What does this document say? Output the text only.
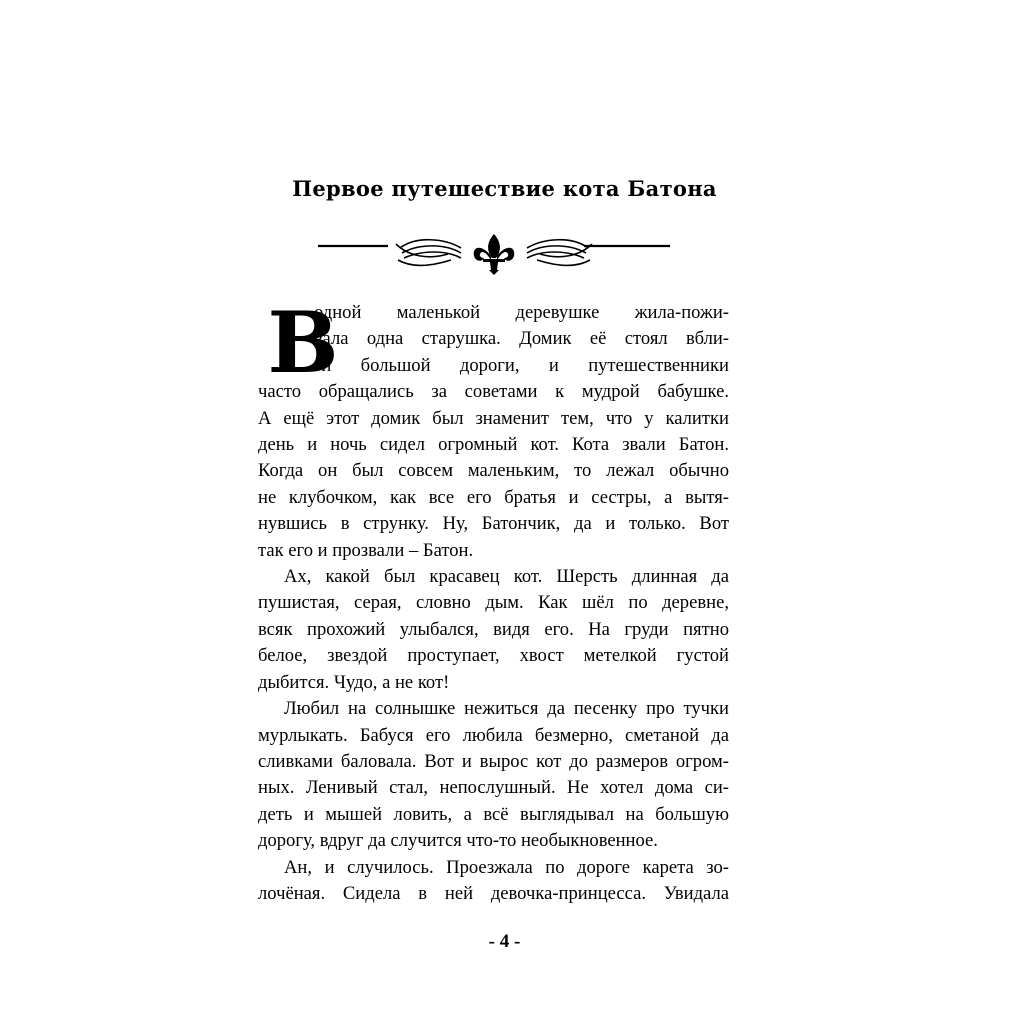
Первое путешествие кота Батона
В

одной маленькой деревушке жила-пожи-
вала одна старушка. Домик её стоял вбли-
зи большой дороги, и путешественники
часто обращались за советами к мудрой бабушке.
А ещё этот домик был знаменит тем, что у калитки
день и ночь сидел огромный кот. Кота звали Батон.
Когда он был совсем маленьким, то лежал обычно
не клубочком, как все его братья и сестры, а вытя-
нувшись в струнку. Ну, Батончик, да и только. Вот
так его и прозвали – Батон.

Ах, какой был красавец кот. Шерсть длинная да
пушистая, серая, словно дым. Как шёл по деревне,
всяк прохожий улыбался, видя его. На груди пятно
белое, звездой проступает, хвост метелкой густой
дыбится. Чудо, а не кот!

Любил на солнышке нежиться да песенку про тучки
мурлыкать. Бабуся его любила безмерно, сметаной да
сливками баловала. Вот и вырос кот до размеров огром-
ных. Ленивый стал, непослушный. Не хотел дома си-
деть и мышей ловить, а всё выглядывал на большую
дорогу, вдруг да случится что-то необыкновенное.

Ан, и случилось. Проезжала по дороге карета зо-
лочёная. Сидела в ней девочка-принцесса. Увидала

- 4 -
